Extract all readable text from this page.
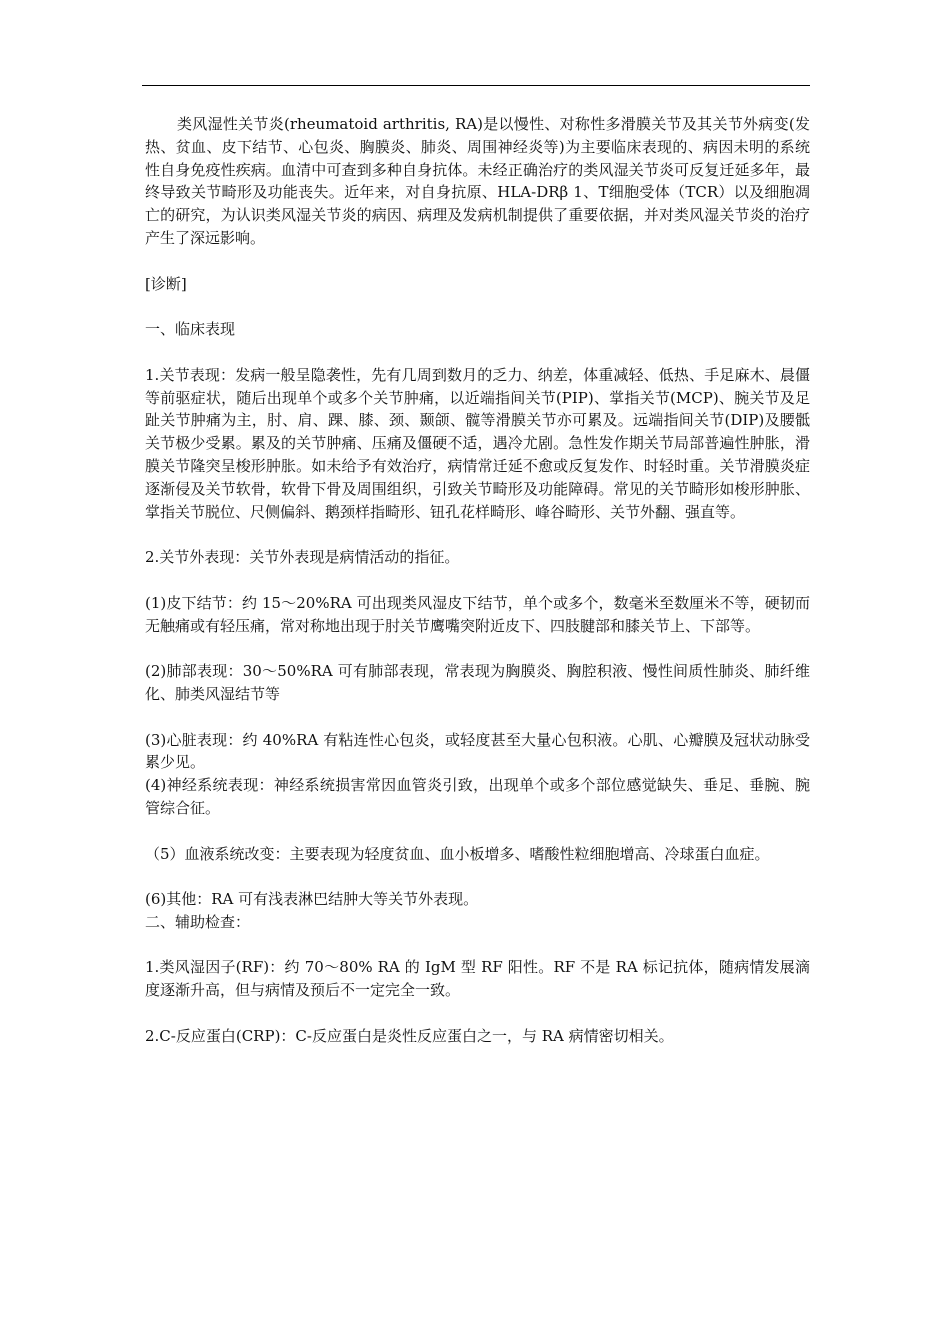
类风湿性关节炎(rheumatoid arthritis, RA)是以慢性、对称性多滑膜关节及其关节外病变(发热、贫血、皮下结节、心包炎、胸膜炎、肺炎、周围神经炎等)为主要临床表现的、病因未明的系统性自身免疫性疾病。血清中可查到多种自身抗体。未经正确治疗的类风湿关节炎可反复迁延多年，最终导致关节畸形及功能丧失。近年来，对自身抗原、HLA-DRβ 1、T细胞受体（TCR）以及细胞凋亡的研究，为认识类风湿关节炎的病因、病理及发病机制提供了重要依据，并对类风湿关节炎的治疗产生了深远影响。

[诊断]

一、临床表现

1.关节表现：发病一般呈隐袭性，先有几周到数月的乏力、纳差，体重减轻、低热、手足麻木、晨僵等前驱症状，随后出现单个或多个关节肿痛，以近端指间关节(PIP)、掌指关节(MCP)、腕关节及足趾关节肿痛为主，肘、肩、踝、膝、颈、颞颌、髋等滑膜关节亦可累及。远端指间关节(DIP)及腰骶关节极少受累。累及的关节肿痛、压痛及僵硬不适，遇冷尤剧。急性发作期关节局部普遍性肿胀，滑膜关节隆突呈梭形肿胀。如未给予有效治疗，病情常迁延不愈或反复发作、时轻时重。关节滑膜炎症逐渐侵及关节软骨，软骨下骨及周围组织，引致关节畸形及功能障碍。常见的关节畸形如梭形肿胀、掌指关节脱位、尺侧偏斜、鹅颈样指畸形、钮孔花样畸形、峰谷畸形、关节外翻、强直等。

2.关节外表现：关节外表现是病情活动的指征。

(1)皮下结节：约 15～20%RA 可出现类风湿皮下结节，单个或多个，数毫米至数厘米不等，硬韧而无触痛或有轻压痛，常对称地出现于肘关节鹰嘴突附近皮下、四肢腱部和膝关节上、下部等。

(2)肺部表现：30～50%RA 可有肺部表现，常表现为胸膜炎、胸腔积液、慢性间质性肺炎、肺纤维化、肺类风湿结节等

(3)心脏表现：约 40%RA 有粘连性心包炎，或轻度甚至大量心包积液。心肌、心瓣膜及冠状动脉受累少见。

(4)神经系统表现：神经系统损害常因血管炎引致，出现单个或多个部位感觉缺失、垂足、垂腕、腕管综合征。

（5）血液系统改变：主要表现为轻度贫血、血小板增多、嗜酸性粒细胞增高、冷球蛋白血症。

(6)其他：RA 可有浅表淋巴结肿大等关节外表现。

二、辅助检查：

1.类风湿因子(RF)：约 70～80% RA 的 IgM 型 RF 阳性。RF 不是 RA 标记抗体，随病情发展滴度逐渐升高，但与病情及预后不一定完全一致。

2.C-反应蛋白(CRP)：C-反应蛋白是炎性反应蛋白之一，与 RA 病情密切相关。
